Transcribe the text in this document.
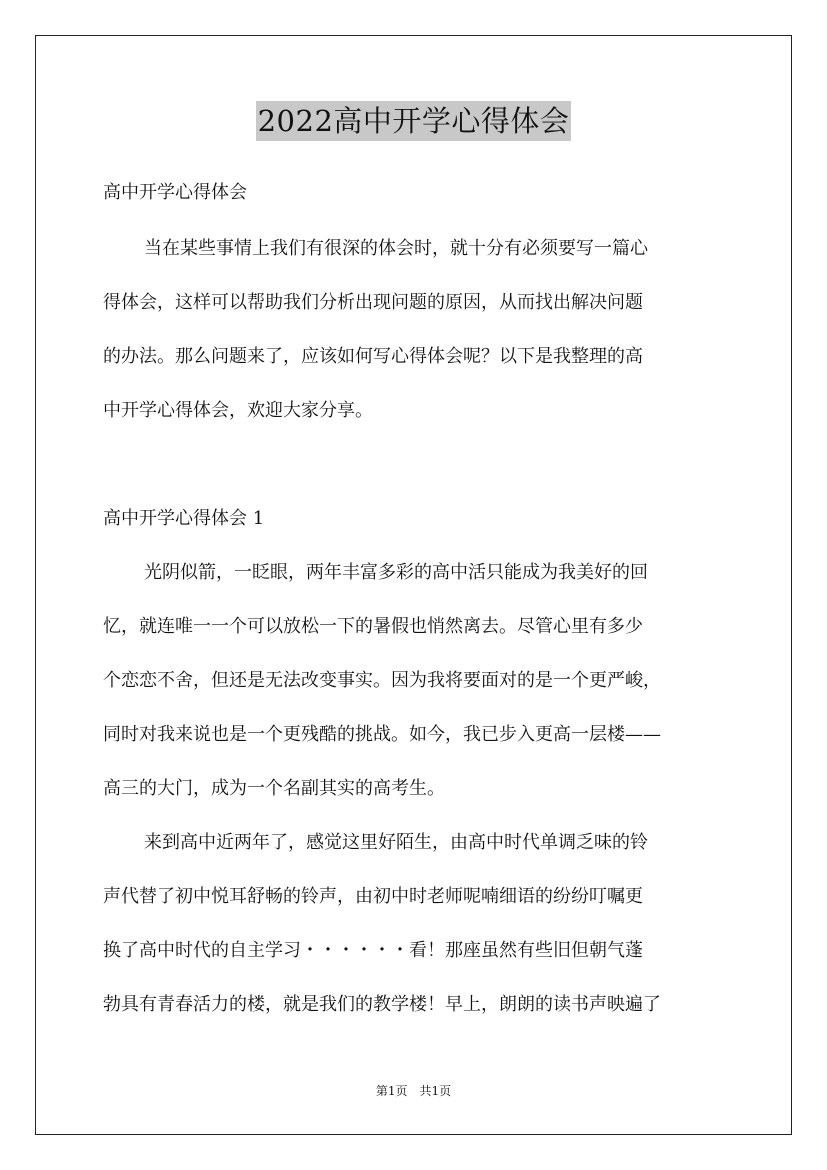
2022高中开学心得体会
高中开学心得体会
当在某些事情上我们有很深的体会时，就十分有必须要写一篇心
得体会，这样可以帮助我们分析出现问题的原因，从而找出解决问题
的办法。那么问题来了，应该如何写心得体会呢？以下是我整理的高
中开学心得体会，欢迎大家分享。
高中开学心得体会 1
光阴似箭，一眨眼，两年丰富多彩的高中活只能成为我美好的回
忆，就连唯一一个可以放松一下的暑假也悄然离去。尽管心里有多少
个恋恋不舍，但还是无法改变事实。因为我将要面对的是一个更严峻，
同时对我来说也是一个更残酷的挑战。如今，我已步入更高一层楼——
高三的大门，成为一个名副其实的高考生。
来到高中近两年了，感觉这里好陌生，由高中时代单调乏味的铃
声代替了初中悦耳舒畅的铃声，由初中时老师呢喃细语的纷纷叮嘱更
换了高中时代的自主学习・・・・・・看！那座虽然有些旧但朝气蓬
勃具有青春活力的楼，就是我们的教学楼！早上，朗朗的读书声映遍了
第1页 共1页
